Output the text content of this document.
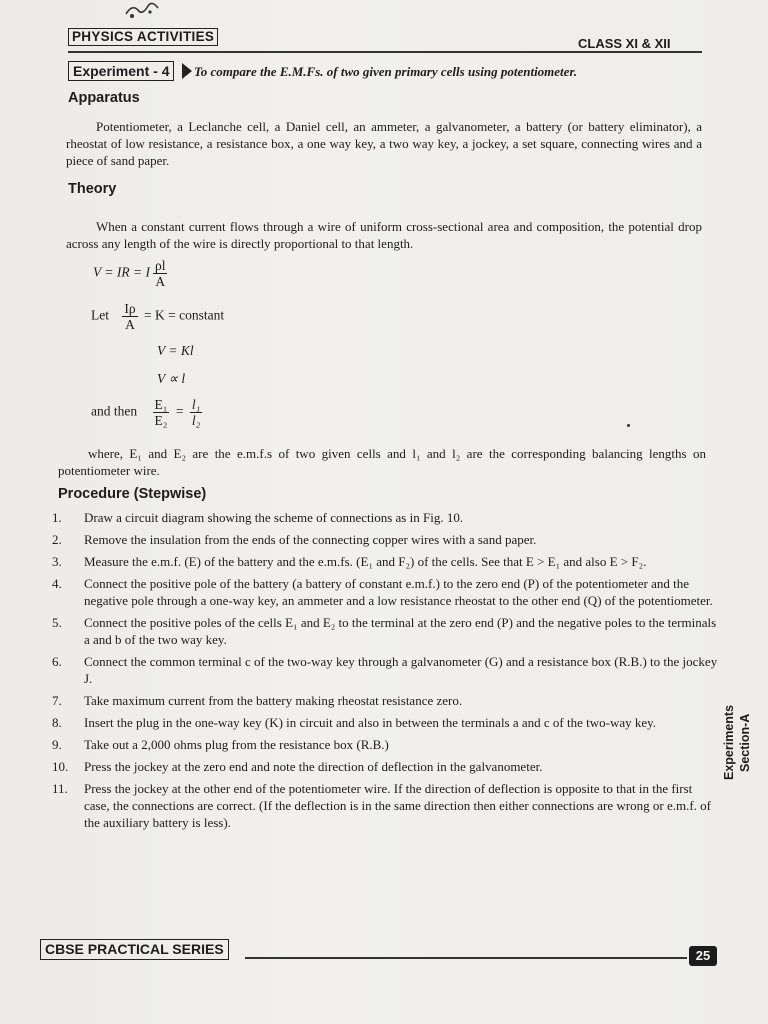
PHYSICS ACTIVITIES	CLASS XI & XII
Experiment - 4	To compare the E.M.Fs. of two given primary cells using potentiometer.
Apparatus
Potentiometer, a Leclanche cell, a Daniel cell, an ammeter, a galvanometer, a battery (or battery eliminator), a rheostat of low resistance, a resistance box, a one way key, a two way key, a jockey, a set square, connecting wires and a piece of sand paper.
Theory
When a constant current flows through a wire of uniform cross-sectional area and composition, the potential drop across any length of the wire is directly proportional to that length.
V = IR = I $\frac{\rho l}{A}$
Let $\frac{I\rho}{A} = K$ = constant
V = Kl
V ∝ l
and then $\frac{\text{E₁}}{\text{E₂}} = \frac{\text{l₁}}{\text{l₂}}$
where, E₁ and E₂ are the e.m.f.s of two given cells and l₁ and l₂ are the corresponding balancing lengths on potentiometer wire.
Procedure (Stepwise)
1.	Draw a circuit diagram showing the scheme of connections as in Fig. 10.
2.	Remove the insulation from the ends of the connecting copper wires with a sand paper.
3.	Measure the e.m.f. (E) of the battery and the e.m.fs. (E₁ and F₂) of the cells. See that E > E₁ and also E > F₂.
4.	Connect the positive pole of the battery (a battery of constant e.m.f.) to the zero end (P) of the potentiometer and the negative pole through a one-way key, an ammeter and a low resistance rheostat to the other end (Q) of the potentiometer.
5.	Connect the positive poles of the cells E₁ and E₂ to the terminal at the zero end (P) and the negative poles to the terminals a and b of the two way key.
6.	Connect the common terminal c of the two-way key through a galvanometer (G) and a resistance box (R.B.) to the jockey J.
7.	Take maximum current from the battery making rheostat resistance zero.
8.	Insert the plug in the one-way key (K) in circuit and also in between the terminals a and c of the two-way key.
9.	Take out a 2,000 ohms plug from the resistance box (R.B.)
10.	Press the jockey at the zero end and note the direction of deflection in the galvanometer.
11.	Press the jockey at the other end of the potentiometer wire. If the direction of deflection is opposite to that in the first case, the connections are correct. (If the deflection is in the same direction then either connections are wrong or e.m.f. of the auxiliary battery is less).
Experiments Section-A
CBSE PRACTICAL SERIES	25
